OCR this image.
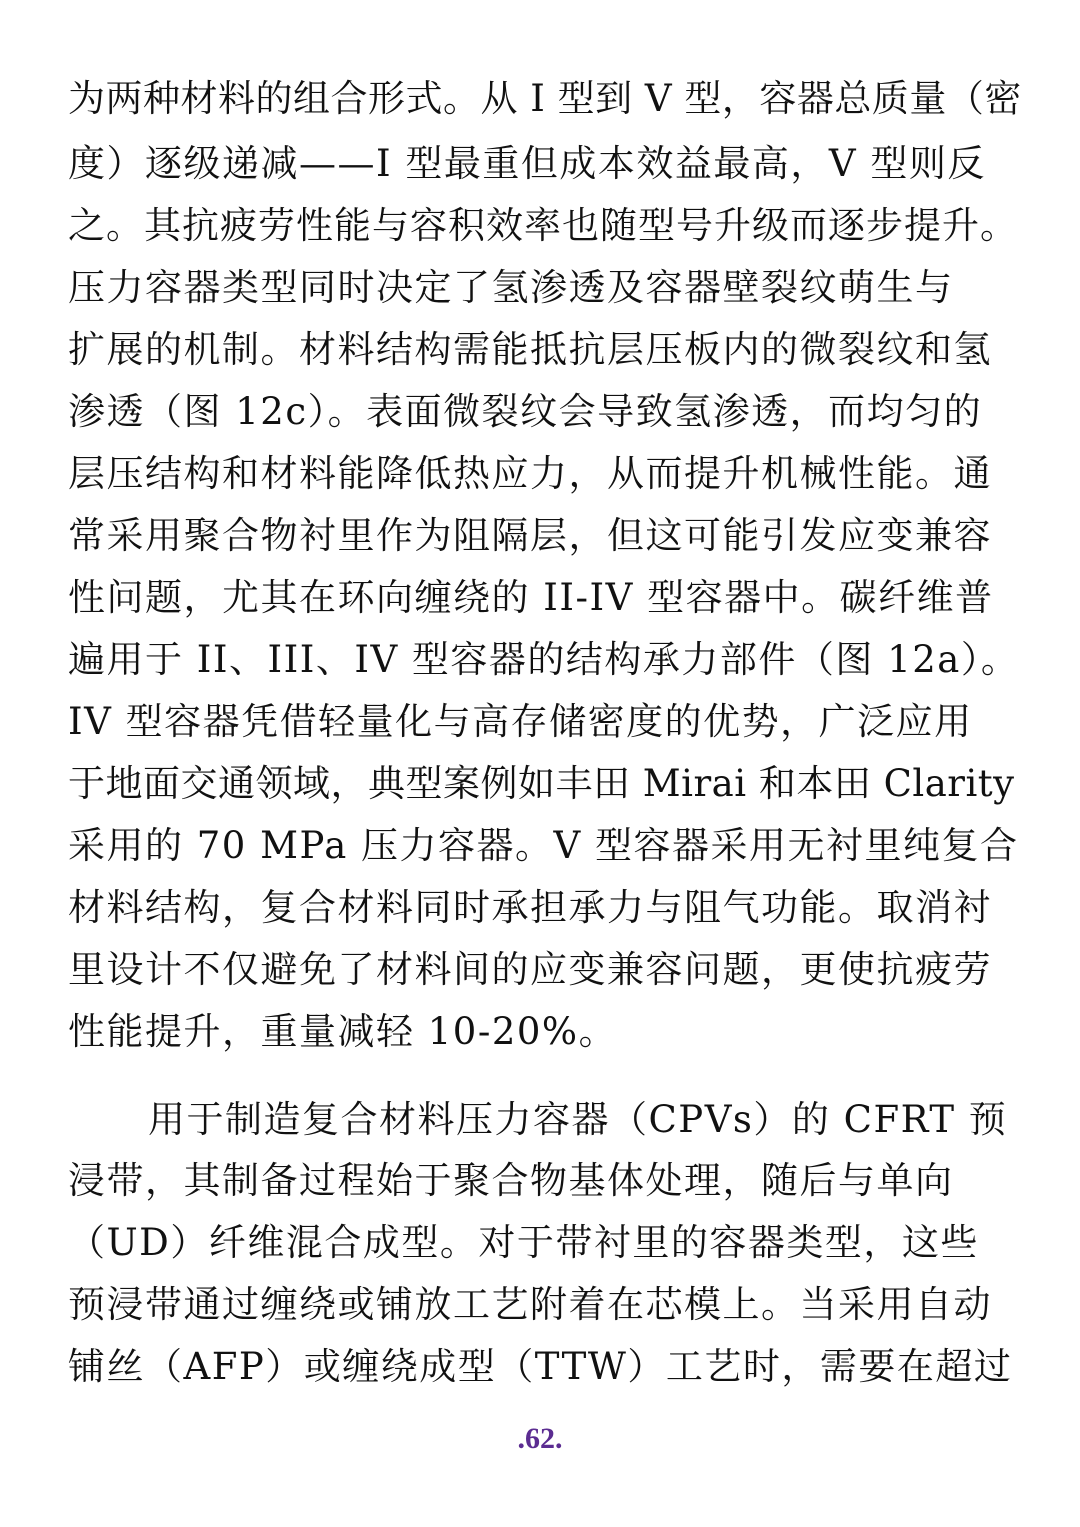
为两种材料的组合形式。从 I 型到 V 型，容器总质量（密
度）逐级递减——I 型最重但成本效益最高，V 型则反
之。其抗疲劳性能与容积效率也随型号升级而逐步提升。
压力容器类型同时决定了氢渗透及容器壁裂纹萌生与
扩展的机制。材料结构需能抵抗层压板内的微裂纹和氢
渗透（图 12c）。表面微裂纹会导致氢渗透，而均匀的
层压结构和材料能降低热应力，从而提升机械性能。通
常采用聚合物衬里作为阻隔层，但这可能引发应变兼容
性问题，尤其在环向缠绕的 II-IV 型容器中。碳纤维普
遍用于 II、III、IV 型容器的结构承力部件（图 12a）。
IV 型容器凭借轻量化与高存储密度的优势，广泛应用
于地面交通领域，典型案例如丰田 Mirai 和本田 Clarity
采用的 70 MPa 压力容器。V 型容器采用无衬里纯复合
材料结构，复合材料同时承担承力与阻气功能。取消衬
里设计不仅避免了材料间的应变兼容问题，更使抗疲劳
性能提升，重量减轻 10-20%。
用于制造复合材料压力容器（CPVs）的 CFRT 预
浸带，其制备过程始于聚合物基体处理，随后与单向
（UD）纤维混合成型。对于带衬里的容器类型，这些
预浸带通过缠绕或铺放工艺附着在芯模上。当采用自动
铺丝（AFP）或缠绕成型（TTW）工艺时，需要在超过
.62.
